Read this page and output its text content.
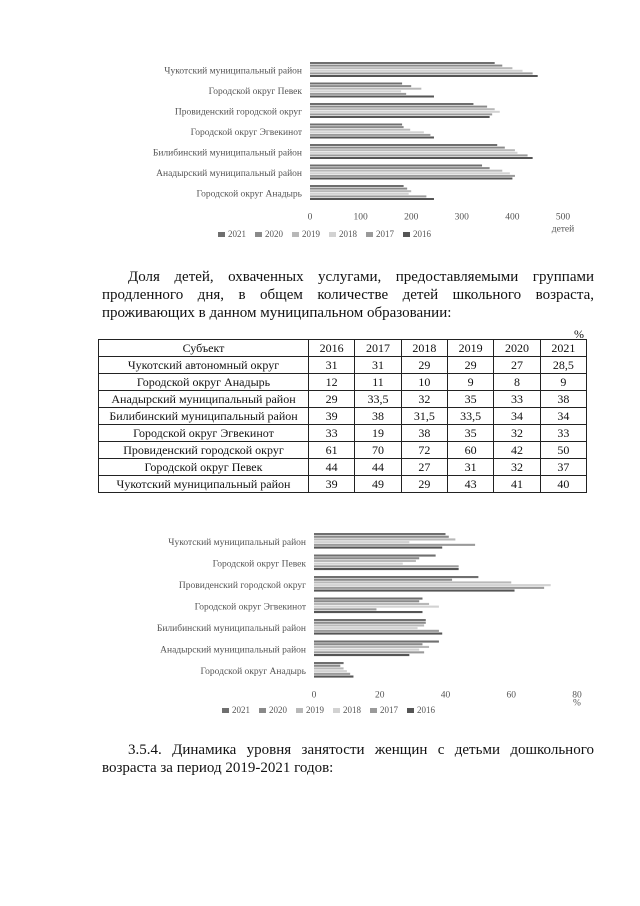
Чукотский муниципальный район
Городской округ Певек
Провиденский городской округ
Городской округ Эгвекинот
Билибинский муниципальный район
Анадырский муниципальный район
Городской округ Анадырь
0	100	200	300	400	500
детей
2021 2020 2019 2018 2017 2016

Доля детей, охваченных услугами, предоставляемыми группами продленного дня, в общем количестве детей школьного возраста, проживающих в данном муниципальном образовании:

%
Субъект	2016	2017	2018	2019	2020	2021
Чукотский автономный округ	31	31	29	29	27	28,5
Городской округ Анадырь	12	11	10	9	8	9
Анадырский муниципальный район	29	33,5	32	35	33	38
Билибинский муниципальный район	39	38	31,5	33,5	34	34
Городской округ Эгвекинот	33	19	38	35	32	33
Провиденский городской округ	61	70	72	60	42	50
Городской округ Певек	44	44	27	31	32	37
Чукотский муниципальный район	39	49	29	43	41	40
Чукотский муниципальный район
Городской округ Певек
Провиденский городской округ
Городской округ Эгвекинот
Билибинский муниципальный район
Анадырский муниципальный район
Городской округ Анадырь
0	20	40	60	80
%
2021 2020 2019 2018 2017 2016

3.5.4. Динамика уровня занятости женщин с детьми дошкольного возраста за период 2019-2021 годов:
